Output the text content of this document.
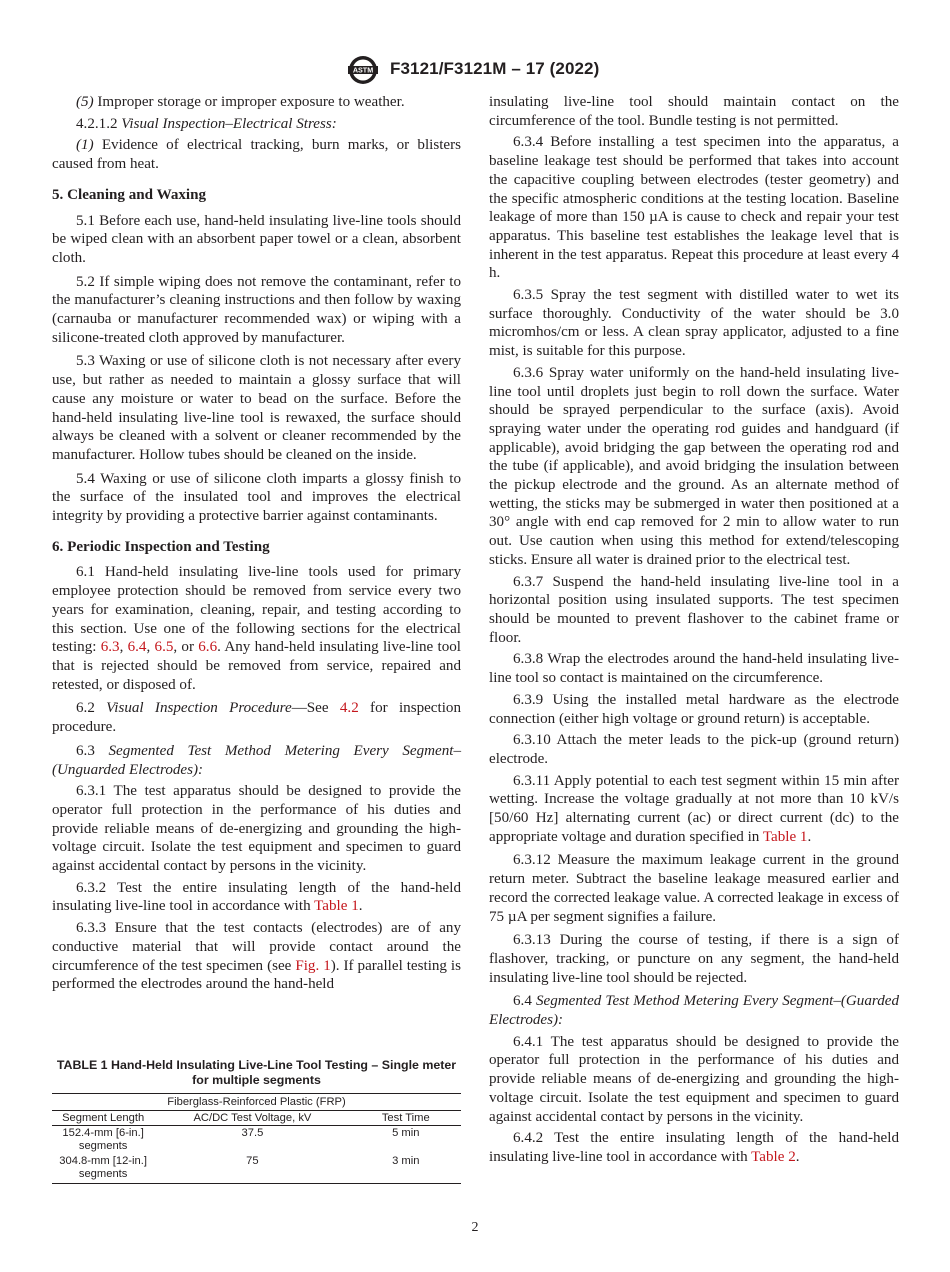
ASTM F3121/F3121M – 17 (2022)

(5) Improper storage or improper exposure to weather.

4.2.1.2 Visual Inspection–Electrical Stress:

(1) Evidence of electrical tracking, burn marks, or blisters caused from heat.

5. Cleaning and Waxing

5.1 Before each use, hand-held insulating live-line tools should be wiped clean with an absorbent paper towel or a clean, absorbent cloth.

5.2 If simple wiping does not remove the contaminant, refer to the manufacturer’s cleaning instructions and then follow by waxing (carnauba or manufacturer recommended wax) or wiping with a silicone-treated cloth approved by manufacturer.

5.3 Waxing or use of silicone cloth is not necessary after every use, but rather as needed to maintain a glossy surface that will cause any moisture or water to bead on the surface. Before the hand-held insulating live-line tool is rewaxed, the surface should always be cleaned with a solvent or cleaner recommended by the manufacturer. Hollow tubes should be cleaned on the inside.

5.4 Waxing or use of silicone cloth imparts a glossy finish to the surface of the insulated tool and improves the electrical integrity by providing a protective barrier against contaminants.

6. Periodic Inspection and Testing

6.1 Hand-held insulating live-line tools used for primary employee protection should be removed from service every two years for examination, cleaning, repair, and testing according to this section. Use one of the following sections for the electrical testing: 6.3, 6.4, 6.5, or 6.6. Any hand-held insulating live-line tool that is rejected should be removed from service, repaired and retested, or disposed of.

6.2 Visual Inspection Procedure—See 4.2 for inspection procedure.

6.3 Segmented Test Method Metering Every Segment–(Unguarded Electrodes):

6.3.1 The test apparatus should be designed to provide the operator full protection in the performance of his duties and provide reliable means of de-energizing and grounding the high-voltage circuit. Isolate the test equipment and specimen to guard against accidental contact by persons in the vicinity.

6.3.2 Test the entire insulating length of the hand-held insulating live-line tool in accordance with Table 1.

6.3.3 Ensure that the test contacts (electrodes) are of any conductive material that will provide contact around the circumference of the test specimen (see Fig. 1). If parallel testing is performed the electrodes around the hand-held

TABLE 1 Hand-Held Insulating Live-Line Tool Testing – Single meter for multiple segments
Fiberglass-Reinforced Plastic (FRP)		
Segment Length	AC/DC Test Voltage, kV	Test Time
152.4-mm [6-in.] segments	37.5	5 min
304.8-mm [12-in.] segments	75	3 min

insulating live-line tool should maintain contact on the circumference of the tool. Bundle testing is not permitted.

6.3.4 Before installing a test specimen into the apparatus, a baseline leakage test should be performed that takes into account the capacitive coupling between electrodes (tester geometry) and the specific atmospheric conditions at the testing location. Baseline leakage of more than 150 µA is cause to check and repair your test apparatus. This baseline test establishes the leakage level that is inherent in the test apparatus. Repeat this procedure at least every 4 h.

6.3.5 Spray the test segment with distilled water to wet its surface thoroughly. Conductivity of the water should be 3.0 micromhos/cm or less. A clean spray applicator, adjusted to a fine mist, is suitable for this purpose.

6.3.6 Spray water uniformly on the hand-held insulating live-line tool until droplets just begin to roll down the surface. Water should be sprayed perpendicular to the surface (axis). Avoid spraying water under the operating rod guides and handguard (if applicable), avoid bridging the gap between the operating rod and the tube (if applicable), and avoid bridging the insulation between the pickup electrode and the ground. As an alternate method of wetting, the sticks may be submerged in water then positioned at a 30° angle with end cap removed for 2 min to allow water to run out. Use caution when using this method for extend/telescoping sticks. Ensure all water is drained prior to the electrical test.

6.3.7 Suspend the hand-held insulating live-line tool in a horizontal position using insulated supports. The test specimen should be mounted to prevent flashover to the cabinet frame or floor.

6.3.8 Wrap the electrodes around the hand-held insulating live-line tool so contact is maintained on the circumference.

6.3.9 Using the installed metal hardware as the electrode connection (either high voltage or ground return) is acceptable.

6.3.10 Attach the meter leads to the pick-up (ground return) electrode.

6.3.11 Apply potential to each test segment within 15 min after wetting. Increase the voltage gradually at not more than 10 kV/s [50/60 Hz] alternating current (ac) or direct current (dc) to the appropriate voltage and duration specified in Table 1.

6.3.12 Measure the maximum leakage current in the ground return meter. Subtract the baseline leakage measured earlier and record the corrected leakage value. A corrected leakage in excess of 75 µA per segment signifies a failure.

6.3.13 During the course of testing, if there is a sign of flashover, tracking, or puncture on any segment, the hand-held insulating live-line tool should be rejected.

6.4 Segmented Test Method Metering Every Segment–(Guarded Electrodes):

6.4.1 The test apparatus should be designed to provide the operator full protection in the performance of his duties and provide reliable means of de-energizing and grounding the high-voltage circuit. Isolate the test equipment and specimen to guard against accidental contact by persons in the vicinity.

6.4.2 Test the entire insulating length of the hand-held insulating live-line tool in accordance with Table 2.

2
